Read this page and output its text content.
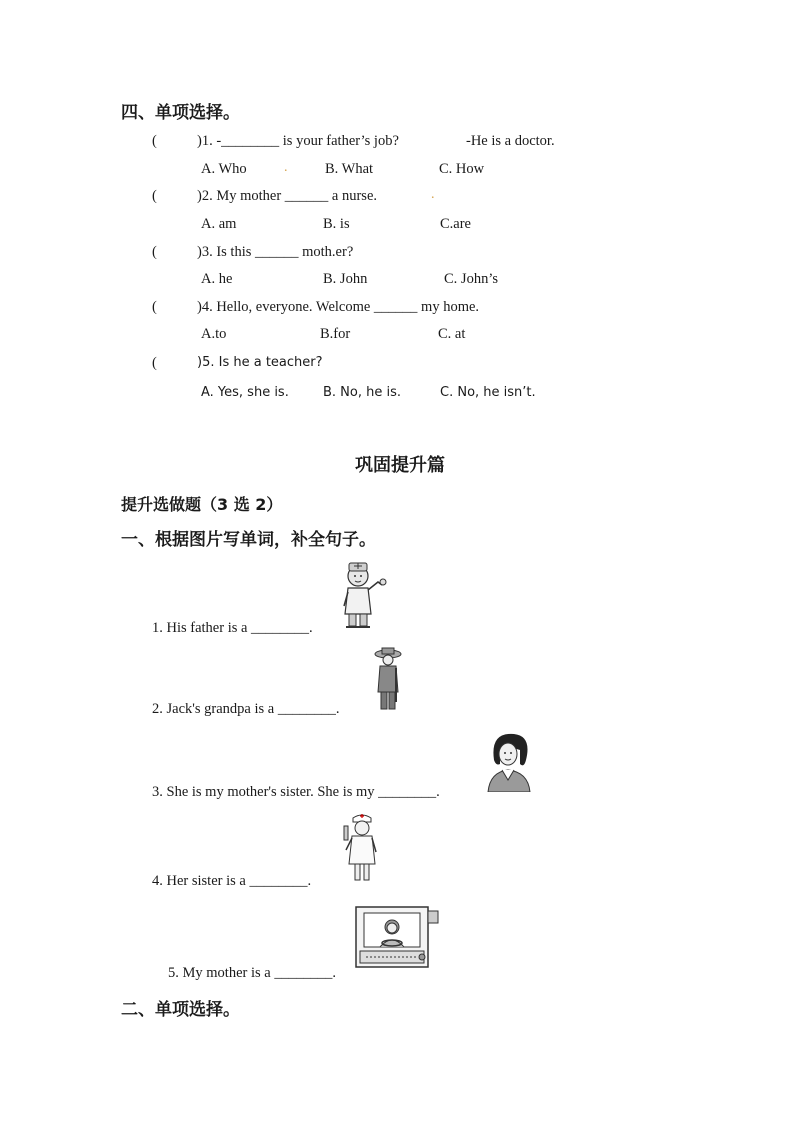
四、单项选择。
(	)1. -________ is your father’s job?	-He is a doctor.
A. Who	.	B. What	C. How
(	)2. My mother ______ a nurse.	.
A. am	B. is	C.are
(	)3. Is this ______ moth.er?
A. he	B. John	C. John’s
(	)4. Hello, everyone. Welcome ______ my home.
A.to	B.for	C. at
(	)5. Is he a teacher?
A. Yes, she is.	B. No, he is.	C. No, he isn’t.
巩固提升篇
提升选做题（3 选 2）
一、根据图片写单词，补全句子。
1. His father is a ________.
2. Jack's grandpa is a ________.
3. She is my mother's sister. She is my ________.
4. Her sister is a ________.
5. My mother is a ________.
二、单项选择。
